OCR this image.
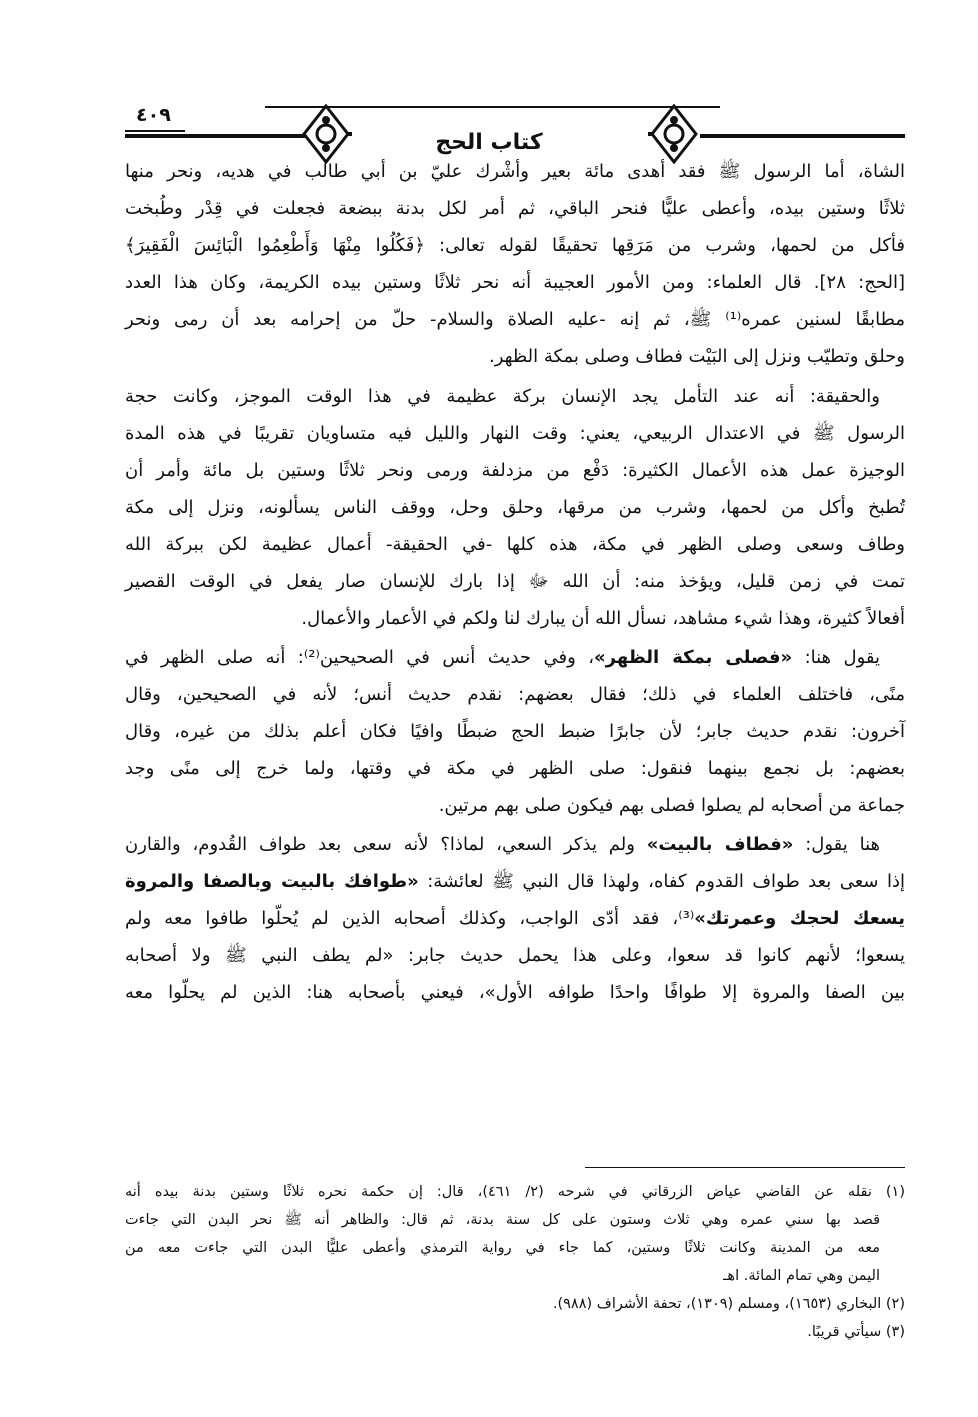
٤٠٩
كتاب الحج
الشاة، أما الرسول ﷺ فقد أهدى مائة بعير وأشْرك عليّ بن أبي طالب في هديه، ونحر منها
ثلاثًا وستين بيده، وأعطى عليًّا فنحر الباقي، ثم أمر لكل بدنة ببضعة فجعلت في قِدْر وطُبخت
فأكل من لحمها، وشرب من مَرَقِها تحقيقًا لقوله تعالى: ﴿فَكُلُوا مِنْهَا وَأَطْعِمُوا الْبَائِسَ الْفَقِيرَ﴾
[الحج: ٢٨]. قال العلماء: ومن الأمور العجيبة أنه نحر ثلاثًا وستين بيده الكريمة، وكان هذا العدد
مطابقًا لسنين عمره⁽¹⁾ ﷺ، ثم إنه -عليه الصلاة والسلام- حلّ من إحرامه بعد أن رمى ونحر
وحلق وتطيّب ونزل إلى البَيْت فطاف وصلى بمكة الظهر.
والحقيقة: أنه عند التأمل يجد الإنسان بركة عظيمة في هذا الوقت الموجز، وكانت حجة
الرسول ﷺ في الاعتدال الربيعي، يعني: وقت النهار والليل فيه متساويان تقريبًا في هذه المدة
الوجيزة عمل هذه الأعمال الكثيرة: دَفْع من مزدلفة ورمى ونحر ثلاثًا وستين بل مائة وأمر أن
تُطبخ وأكل من لحمها، وشرب من مرقها، وحلق وحل، ووقف الناس يسألونه، ونزل إلى مكة
وطاف وسعى وصلى الظهر في مكة، هذه كلها -في الحقيقة- أعمال عظيمة لكن ببركة الله
تمت في زمن قليل، ويؤخذ منه: أن الله ﷻ إذا بارك للإنسان صار يفعل في الوقت القصير
أفعالاً كثيرة، وهذا شيء مشاهد، نسأل الله أن يبارك لنا ولكم في الأعمار والأعمال.
يقول هنا: «فصلى بمكة الظهر»، وفي حديث أنس في الصحيحين⁽²⁾: أنه صلى الظهر في
منًى، فاختلف العلماء في ذلك؛ فقال بعضهم: نقدم حديث أنس؛ لأنه في الصحيحين، وقال
آخرون: نقدم حديث جابر؛ لأن جابرًا ضبط الحج ضبطًا وافيًا فكان أعلم بذلك من غيره، وقال
بعضهم: بل نجمع بينهما فنقول: صلى الظهر في مكة في وقتها، ولما خرج إلى منًى وجد
جماعة من أصحابه لم يصلوا فصلى بهم فيكون صلى بهم مرتين.
هنا يقول: «فطاف بالبيت» ولم يذكر السعي، لماذا؟ لأنه سعى بعد طواف القُدوم، والقارن
إذا سعى بعد طواف القدوم كفاه، ولهذا قال النبي ﷺ لعائشة: «طوافك بالبيت وبالصفا والمروة
يسعك لحجك وعمرتك»⁽³⁾، فقد أدّى الواجب، وكذلك أصحابه الذين لم يُحلّوا طافوا معه ولم
يسعوا؛ لأنهم كانوا قد سعوا، وعلى هذا يحمل حديث جابر: «لم يطف النبي ﷺ ولا أصحابه
بين الصفا والمروة إلا طوافًا واحدًا طوافه الأول»، فيعني بأصحابه هنا: الذين لم يحلّوا معه
(١) نقله عن القاضي عياض الزرقاني في شرحه (٢/ ٤٦١)، قال: إن حكمة نحره ثلاثًا وستين بدنة بيده أنه
قصد بها سني عمره وهي ثلاث وستون على كل سنة بدنة، ثم قال: والظاهر أنه ﷺ نحر البدن التي جاءت
معه من المدينة وكانت ثلاثًا وستين، كما جاء في رواية الترمذي وأعطى عليًّا البدن التي جاءت معه من
اليمن وهي تمام المائة. اهـ
(٢) البخاري (١٦٥٣)، ومسلم (١٣٠٩)، تحفة الأشراف (٩٨٨).
(٣) سيأتي قريبًا.
